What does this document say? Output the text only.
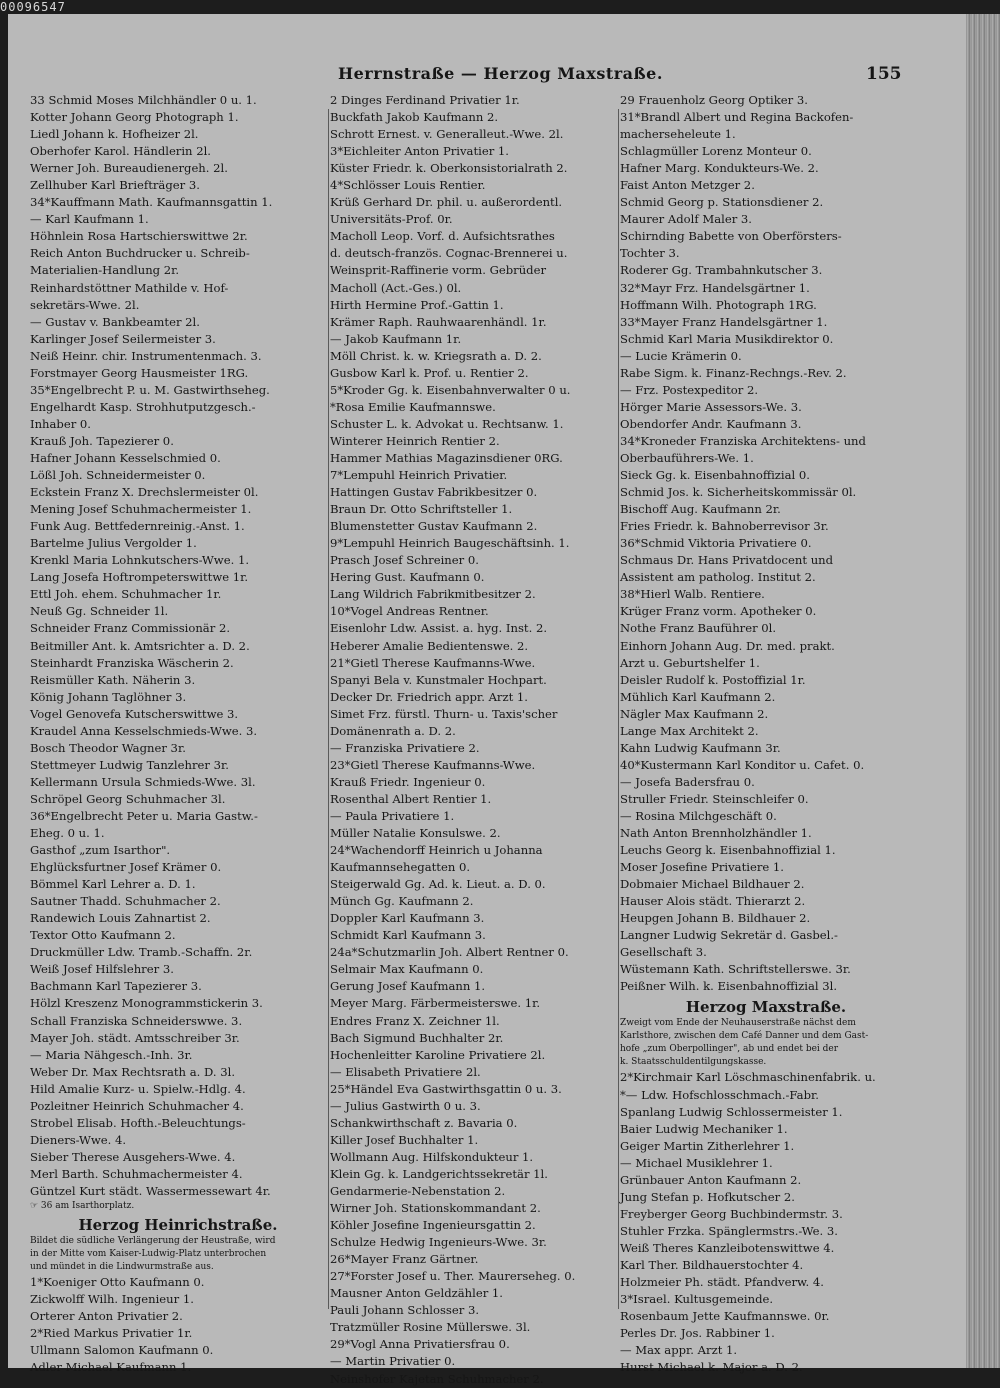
00096547
Herrnstraße — Herzog Maxstraße.	155
33 Schmid Moses Milchhändler 0 u. 1.
Kotter Johann Georg Photograph 1.
Liedl Johann k. Hofheizer 2l.
Oberhofer Karol. Händlerin 2l.
Werner Joh. Bureaudienergeh. 2l.
Zellhuber Karl Briefträger 3.
34*Kauffmann Math. Kaufmannsgattin 1.
— Karl Kaufmann 1.
Höhnlein Rosa Hartschierswittwe 2r.
Reich Anton Buchdrucker u. Schreib-
Materialien-Handlung 2r.
Reinhardstöttner Mathilde v. Hof-
sekretärs-Wwe. 2l.
— Gustav v. Bankbeamter 2l.
Karlinger Josef Seilermeister 3.
Neiß Heinr. chir. Instrumentenmach. 3.
Forstmayer Georg Hausmeister 1RG.
35*Engelbrecht P. u. M. Gastwirthseheg.
Engelhardt Kasp. Strohhutputzgesch.-
Inhaber 0.
Krauß Joh. Tapezierer 0.
Hafner Johann Kesselschmied 0.
Lößl Joh. Schneidermeister 0.
Eckstein Franz X. Drechslermeister 0l.
Mening Josef Schuhmachermeister 1.
Funk Aug. Bettfedernreinig.-Anst. 1.
Bartelme Julius Vergolder 1.
Krenkl Maria Lohnkutschers-Wwe. 1.
Lang Josefa Hoftrompeterswittwe 1r.
Ettl Joh. ehem. Schuhmacher 1r.
Neuß Gg. Schneider 1l.
Schneider Franz Commissionär 2.
Beitmiller Ant. k. Amtsrichter a. D. 2.
Steinhardt Franziska Wäscherin 2.
Reismüller Kath. Näherin 3.
König Johann Taglöhner 3.
Vogel Genovefa Kutscherswittwe 3.
Kraudel Anna Kesselschmieds-Wwe. 3.
Bosch Theodor Wagner 3r.
Stettmeyer Ludwig Tanzlehrer 3r.
Kellermann Ursula Schmieds-Wwe. 3l.
Schröpel Georg Schuhmacher 3l.
36*Engelbrecht Peter u. Maria Gastw.-
Eheg. 0 u. 1.
Gasthof „zum Isarthor".
Ehglücksfurtner Josef Krämer 0.
Bömmel Karl Lehrer a. D. 1.
Sautner Thadd. Schuhmacher 2.
Randewich Louis Zahnartist 2.
Textor Otto Kaufmann 2.
Druckmüller Ldw. Tramb.-Schaffn. 2r.
Weiß Josef Hilfslehrer 3.
Bachmann Karl Tapezierer 3.
Hölzl Kreszenz Monogrammstickerin 3.
Schall Franziska Schneiderswwe. 3.
Mayer Joh. städt. Amtsschreiber 3r.
— Maria Nähgesch.-Inh. 3r.
Weber Dr. Max Rechtsrath a. D. 3l.
Hild Amalie Kurz- u. Spielw.-Hdlg. 4.
Pozleitner Heinrich Schuhmacher 4.
Strobel Elisab. Hofth.-Beleuchtungs-
Dieners-Wwe. 4.
Sieber Therese Ausgehers-Wwe. 4.
Merl Barth. Schuhmachermeister 4.
Güntzel Kurt städt. Wassermessewart 4r.
☞ 36 am Isarthorplatz.
Herzog Heinrichstraße.
Bildet die südliche Verlängerung der Heustraße, wird
in der Mitte vom Kaiser-Ludwig-Platz unterbrochen
und mündet in die Lindwurmstraße aus.
1*Koeniger Otto Kaufmann 0.
Zickwolff Wilh. Ingenieur 1.
Orterer Anton Privatier 2.
2*Ried Markus Privatier 1r.
Ullmann Salomon Kaufmann 0.
Adler Michael Kaufmann 1.
2 Dinges Ferdinand Privatier 1r.
Buckfath Jakob Kaufmann 2.
Schrott Ernest. v. Generalleut.-Wwe. 2l.
3*Eichleiter Anton Privatier 1.
Küster Friedr. k. Oberkonsistorialrath 2.
4*Schlösser Louis Rentier.
Krüß Gerhard Dr. phil. u. außerordentl.
Universitäts-Prof. 0r.
Macholl Leop. Vorf. d. Aufsichtsrathes
d. deutsch-französ. Cognac-Brennerei u.
Weinsprit-Raffinerie vorm. Gebrüder
Macholl (Act.-Ges.) 0l.
Hirth Hermine Prof.-Gattin 1.
Krämer Raph. Rauhwaarenhändl. 1r.
— Jakob Kaufmann 1r.
Möll Christ. k. w. Kriegsrath a. D. 2.
Gusbow Karl k. Prof. u. Rentier 2.
5*Kroder Gg. k. Eisenbahnverwalter 0 u.
*Rosa Emilie Kaufmannswe.
Schuster L. k. Advokat u. Rechtsanw. 1.
Winterer Heinrich Rentier 2.
Hammer Mathias Magazinsdiener 0RG.
7*Lempuhl Heinrich Privatier.
Hattingen Gustav Fabrikbesitzer 0.
Braun Dr. Otto Schriftsteller 1.
Blumenstetter Gustav Kaufmann 2.
9*Lempuhl Heinrich Baugeschäftsinh. 1.
Prasch Josef Schreiner 0.
Hering Gust. Kaufmann 0.
Lang Wildrich Fabrikmitbesitzer 2.
10*Vogel Andreas Rentner.
Eisenlohr Ldw. Assist. a. hyg. Inst. 2.
Heberer Amalie Bedientenswe. 2.
21*Gietl Therese Kaufmanns-Wwe.
Spanyi Bela v. Kunstmaler Hochpart.
Decker Dr. Friedrich appr. Arzt 1.
Simet Frz. fürstl. Thurn- u. Taxis'scher
Domänenrath a. D. 2.
— Franziska Privatiere 2.
23*Gietl Therese Kaufmanns-Wwe.
Krauß Friedr. Ingenieur 0.
Rosenthal Albert Rentier 1.
— Paula Privatiere 1.
Müller Natalie Konsulswe. 2.
24*Wachendorff Heinrich u Johanna
Kaufmannsehegatten 0.
Steigerwald Gg. Ad. k. Lieut. a. D. 0.
Münch Gg. Kaufmann 2.
Doppler Karl Kaufmann 3.
Schmidt Karl Kaufmann 3.
24a*Schutzmarlin Joh. Albert Rentner 0.
Selmair Max Kaufmann 0.
Gerung Josef Kaufmann 1.
Meyer Marg. Färbermeisterswe. 1r.
Endres Franz X. Zeichner 1l.
Bach Sigmund Buchhalter 2r.
Hochenleitter Karoline Privatiere 2l.
— Elisabeth Privatiere 2l.
25*Händel Eva Gastwirthsgattin 0 u. 3.
— Julius Gastwirth 0 u. 3.
Schankwirthschaft z. Bavaria 0.
Killer Josef Buchhalter 1.
Wollmann Aug. Hilfskondukteur 1.
Klein Gg. k. Landgerichtssekretär 1l.
Gendarmerie-Nebenstation 2.
Wirner Joh. Stationskommandant 2.
Köhler Josefine Ingenieursgattin 2.
Schulze Hedwig Ingenieurs-Wwe. 3r.
26*Mayer Franz Gärtner.
27*Forster Josef u. Ther. Maurerseheg. 0.
Mausner Anton Geldzähler 1.
Pauli Johann Schlosser 3.
Tratzmüller Rosine Müllerswe. 3l.
29*Vogl Anna Privatiersfrau 0.
— Martin Privatier 0.
Neinshofer Kajetan Schuhmacher 2.
29 Frauenholz Georg Optiker 3.
31*Brandl Albert und Regina Backofen-
macherseheleute 1.
Schlagmüller Lorenz Monteur 0.
Hafner Marg. Kondukteurs-We. 2.
Faist Anton Metzger 2.
Schmid Georg p. Stationsdiener 2.
Maurer Adolf Maler 3.
Schirnding Babette von Oberförsters-
Tochter 3.
Roderer Gg. Trambahnkutscher 3.
32*Mayr Frz. Handelsgärtner 1.
Hoffmann Wilh. Photograph 1RG.
33*Mayer Franz Handelsgärtner 1.
Schmid Karl Maria Musikdirektor 0.
— Lucie Krämerin 0.
Rabe Sigm. k. Finanz-Rechngs.-Rev. 2.
— Frz. Postexpeditor 2.
Hörger Marie Assessors-We. 3.
Obendorfer Andr. Kaufmann 3.
34*Kroneder Franziska Architektens- und
Oberbauführers-We. 1.
Sieck Gg. k. Eisenbahnoffizial 0.
Schmid Jos. k. Sicherheitskommissär 0l.
Bischoff Aug. Kaufmann 2r.
Fries Friedr. k. Bahnoberrevisor 3r.
36*Schmid Viktoria Privatiere 0.
Schmaus Dr. Hans Privatdocent und
Assistent am patholog. Institut 2.
38*Hierl Walb. Rentiere.
Krüger Franz vorm. Apotheker 0.
Nothe Franz Bauführer 0l.
Einhorn Johann Aug. Dr. med. prakt.
Arzt u. Geburtshelfer 1.
Deisler Rudolf k. Postoffizial 1r.
Mühlich Karl Kaufmann 2.
Nägler Max Kaufmann 2.
Lange Max Architekt 2.
Kahn Ludwig Kaufmann 3r.
40*Kustermann Karl Konditor u. Cafet. 0.
— Josefa Badersfrau 0.
Struller Friedr. Steinschleifer 0.
— Rosina Milchgeschäft 0.
Nath Anton Brennholzhändler 1.
Leuchs Georg k. Eisenbahnoffizial 1.
Moser Josefine Privatiere 1.
Dobmaier Michael Bildhauer 2.
Hauser Alois städt. Thierarzt 2.
Heupgen Johann B. Bildhauer 2.
Langner Ludwig Sekretär d. Gasbel.-
Gesellschaft 3.
Wüstemann Kath. Schriftstellerswe. 3r.
Peißner Wilh. k. Eisenbahnoffizial 3l.
Herzog Maxstraße.
Zweigt vom Ende der Neuhauserstraße nächst dem
Karlsthore, zwischen dem Café Danner und dem Gast-
hofe „zum Oberpollinger", ab und endet bei der
k. Staatsschuldentilgungskasse.
2*Kirchmair Karl Löschmaschinenfabrik. u.
*— Ldw. Hofschlosschmach.-Fabr.
Spanlang Ludwig Schlossermeister 1.
Baier Ludwig Mechaniker 1.
Geiger Martin Zitherlehrer 1.
— Michael Musiklehrer 1.
Grünbauer Anton Kaufmann 2.
Jung Stefan p. Hofkutscher 2.
Freyberger Georg Buchbindermstr. 3.
Stuhler Frzka. Spänglermstrs.-We. 3.
Weiß Theres Kanzleibotenswittwe 4.
Karl Ther. Bildhauerstochter 4.
Holzmeier Ph. städt. Pfandverw. 4.
3*Israel. Kultusgemeinde.
Rosenbaum Jette Kaufmannswe. 0r.
Perles Dr. Jos. Rabbiner 1.
— Max appr. Arzt 1.
Hurst Michael k. Major a. D. 2.
